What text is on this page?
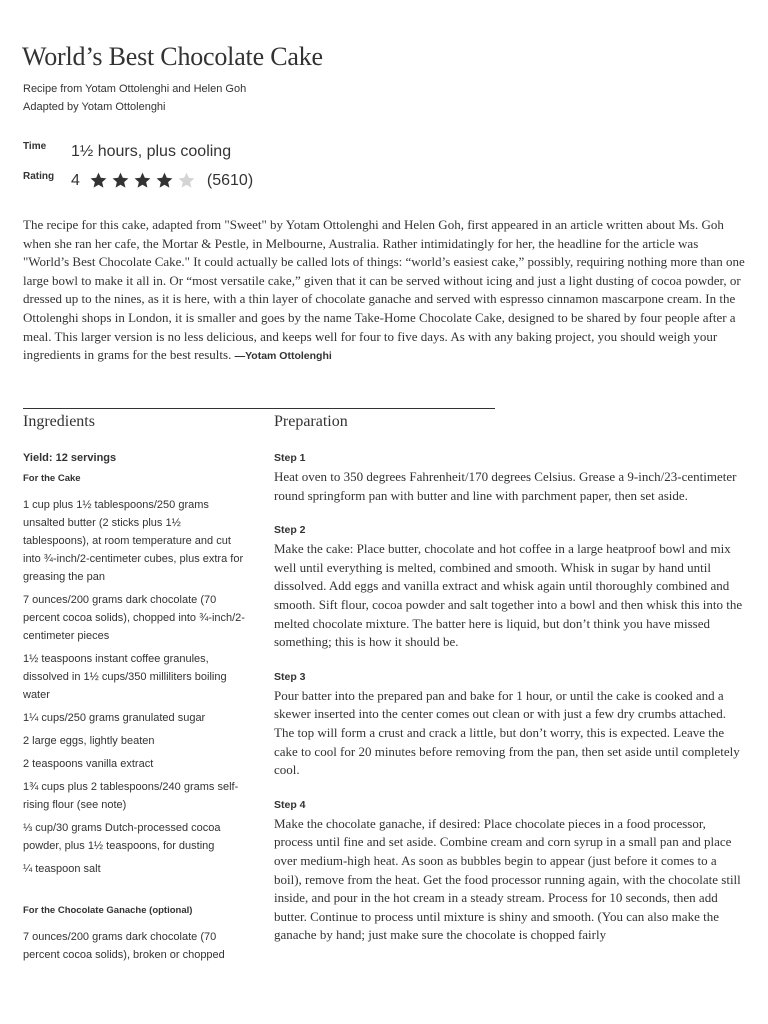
World’s Best Chocolate Cake
Recipe from Yotam Ottolenghi and Helen Goh
Adapted by Yotam Ottolenghi
Time 1½ hours, plus cooling
Rating 4	(5610)

The recipe for this cake, adapted from "Sweet" by Yotam Ottolenghi and Helen Goh, first appeared in an article written about Ms. Goh when she ran her cafe, the Mortar & Pestle, in Melbourne, Australia. Rather intimidatingly for her, the headline for the article was "World’s Best Chocolate Cake." It could actually be called lots of things: “world’s easiest cake,” possibly, requiring nothing more than one large bowl to make it all in. Or “most versatile cake,” given that it can be served without icing and just a light dusting of cocoa powder, or dressed up to the nines, as it is here, with a thin layer of chocolate ganache and served with espresso cinnamon mascarpone cream. In the Ottolenghi shops in London, it is smaller and goes by the name Take-Home Chocolate Cake, designed to be shared by four people after a meal. This larger version is no less delicious, and keeps well for four to five days. As with any baking project, you should weigh your ingredients in grams for the best results. —Yotam Ottolenghi

Ingredients	Preparation
Yield: 12 servings
For the Cake
1 cup plus 1½ tablespoons/250 grams unsalted butter (2 sticks plus 1½ tablespoons), at room temperature and cut into ¾-inch/2-centimeter cubes, plus extra for greasing the pan
7 ounces/200 grams dark chocolate (70 percent cocoa solids), chopped into ¾-inch/2-centimeter pieces
1½ teaspoons instant coffee granules, dissolved in 1½ cups/350 milliliters boiling water
1¼ cups/250 grams granulated sugar
2 large eggs, lightly beaten
2 teaspoons vanilla extract
1¾ cups plus 2 tablespoons/240 grams self-rising flour (see note)
⅓ cup/30 grams Dutch-processed cocoa powder, plus 1½ teaspoons, for dusting
¼ teaspoon salt
For the Chocolate Ganache (optional)
7 ounces/200 grams dark chocolate (70 percent cocoa solids), broken or chopped
Step 1

Heat oven to 350 degrees Fahrenheit/170 degrees Celsius. Grease a 9-inch/23-centimeter round springform pan with butter and line with parchment paper, then set aside.

Step 2

Make the cake: Place butter, chocolate and hot coffee in a large heatproof bowl and mix well until everything is melted, combined and smooth. Whisk in sugar by hand until dissolved. Add eggs and vanilla extract and whisk again until thoroughly combined and smooth. Sift flour, cocoa powder and salt together into a bowl and then whisk this into the melted chocolate mixture. The batter here is liquid, but don’t think you have missed something; this is how it should be.

Step 3

Pour batter into the prepared pan and bake for 1 hour, or until the cake is cooked and a skewer inserted into the center comes out clean or with just a few dry crumbs attached. The top will form a crust and crack a little, but don’t worry, this is expected. Leave the cake to cool for 20 minutes before removing from the pan, then set aside until completely cool.

Step 4

Make the chocolate ganache, if desired: Place chocolate pieces in a food processor, process until fine and set aside. Combine cream and corn syrup in a small pan and place over medium-high heat. As soon as bubbles begin to appear (just before it comes to a boil), remove from the heat. Get the food processor running again, with the chocolate still inside, and pour in the hot cream in a steady stream. Process for 10 seconds, then add butter. Continue to process until mixture is shiny and smooth. (You can also make the ganache by hand; just make sure the chocolate is chopped fairly
